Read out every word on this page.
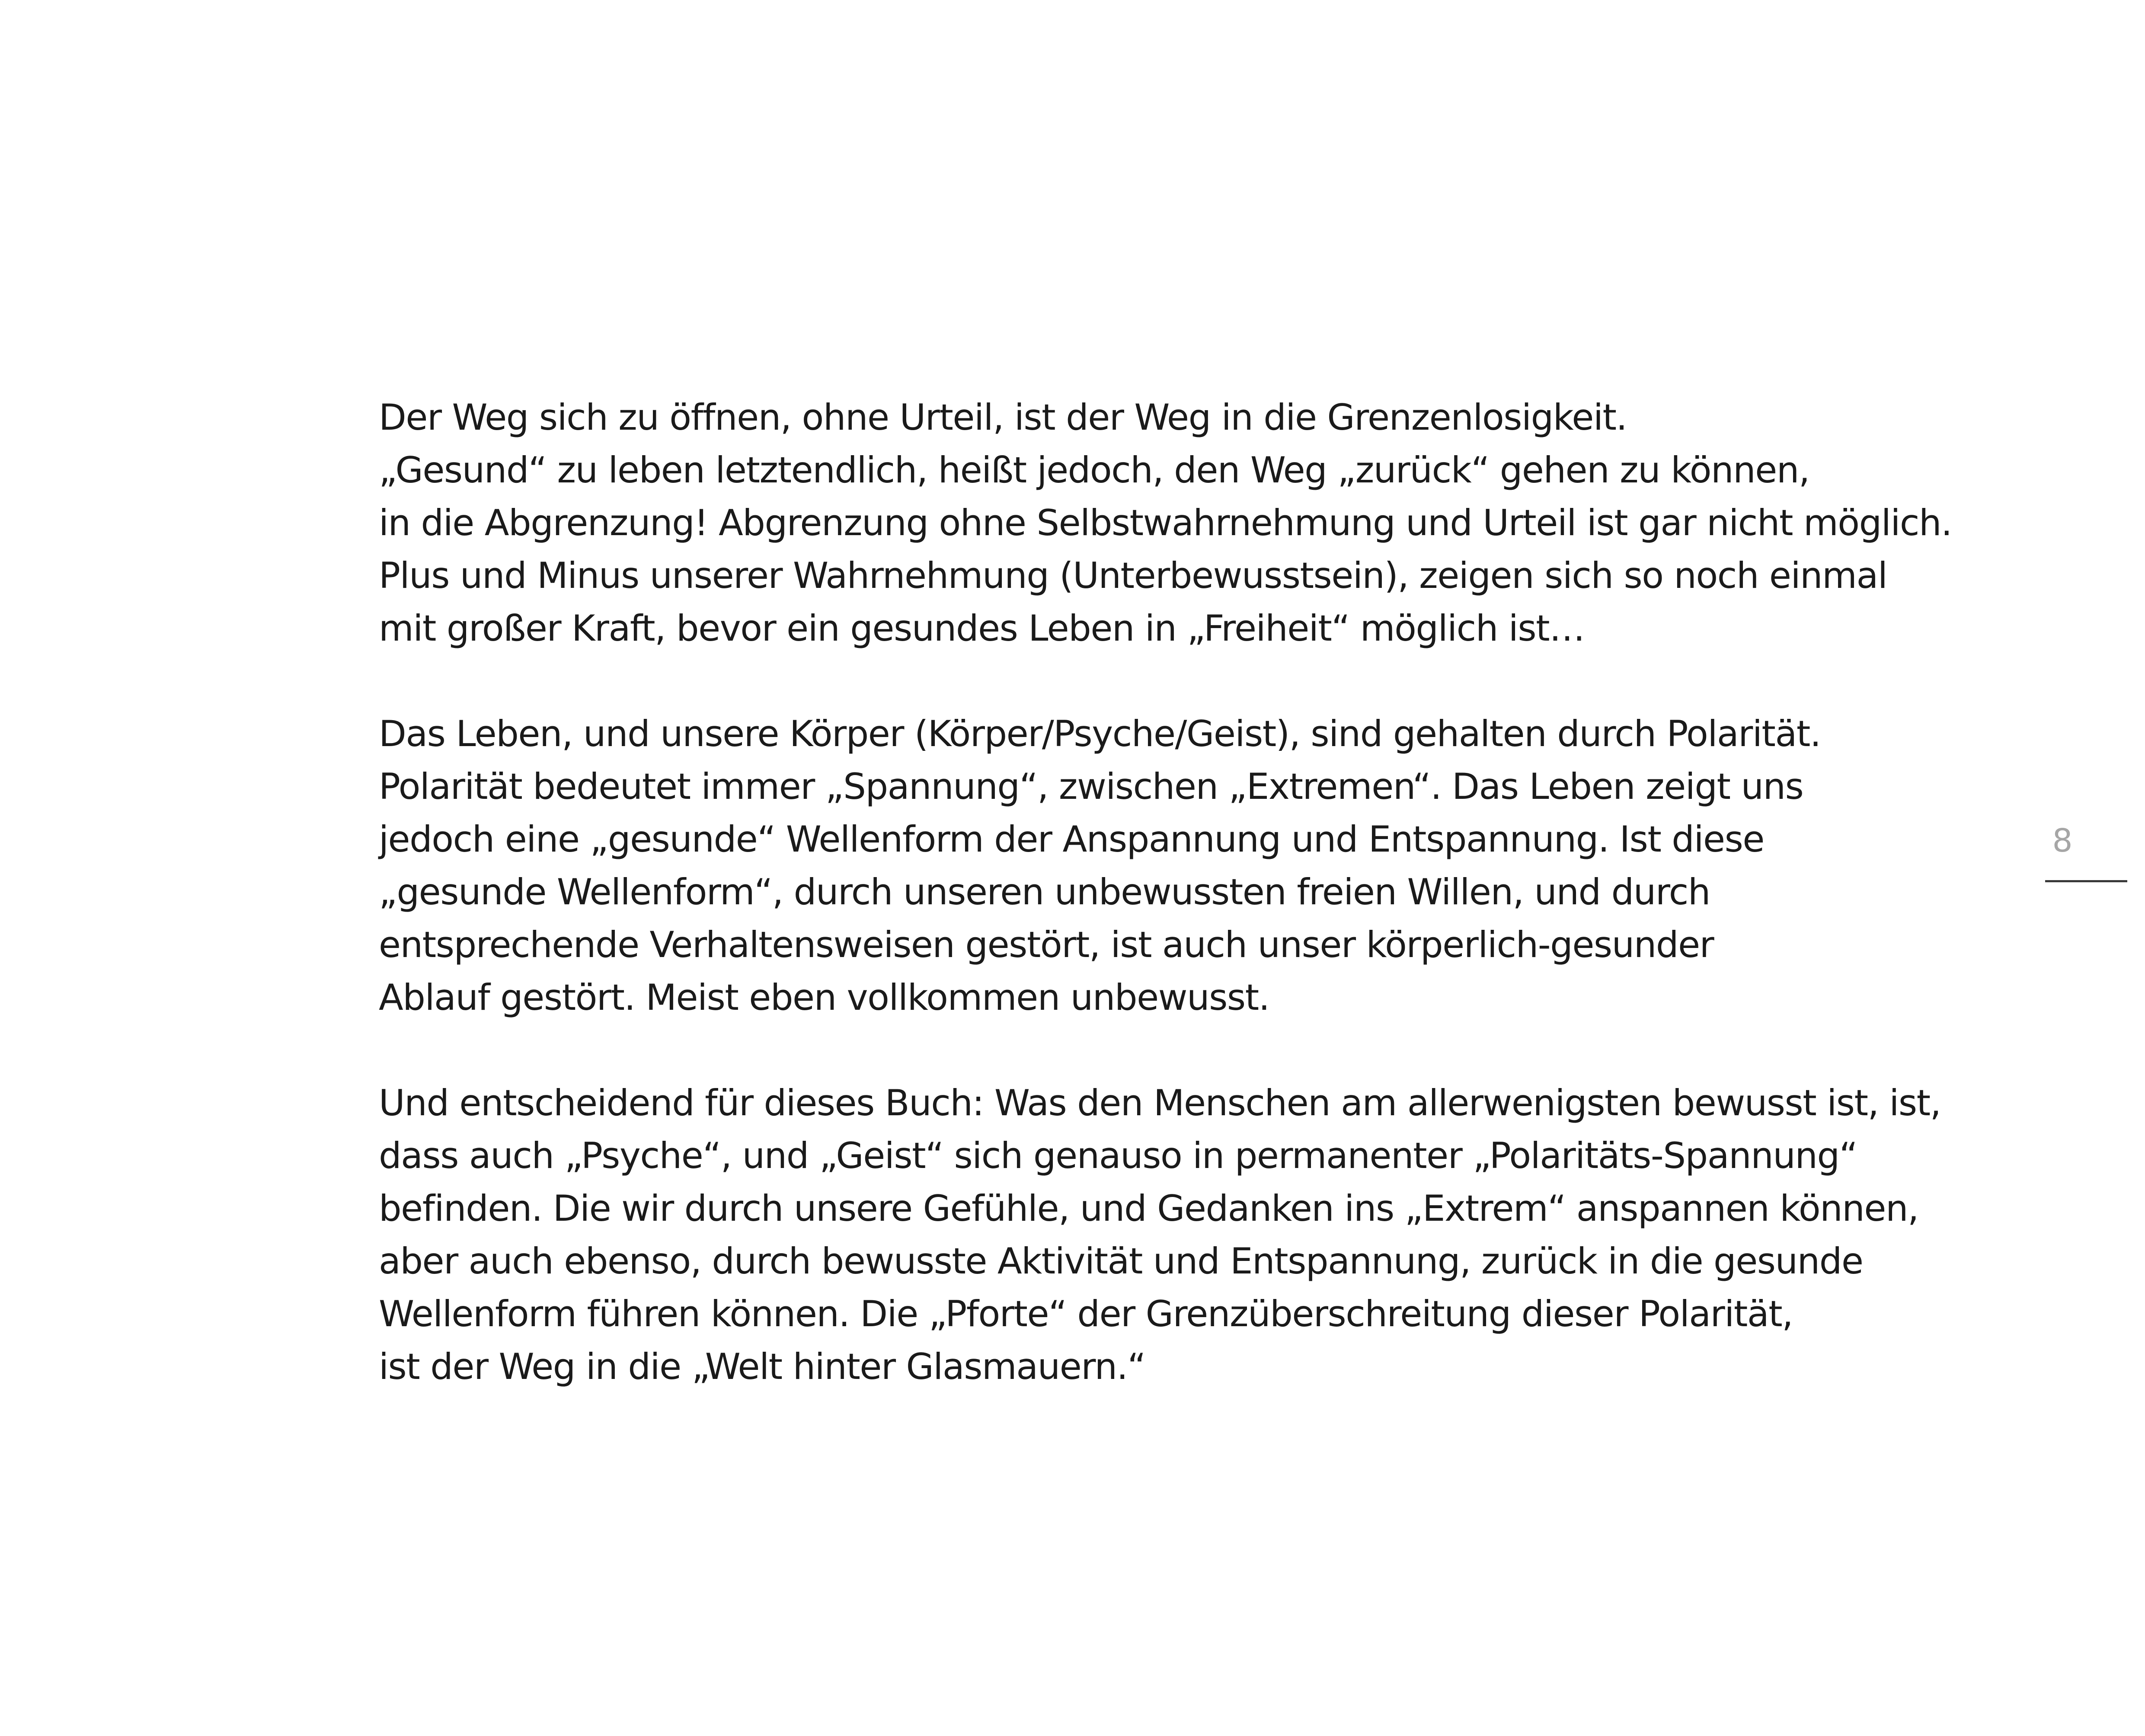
Der Weg sich zu öffnen, ohne Urteil, ist der Weg in die Grenzenlosigkeit.
„Gesund“ zu leben letztendlich, heißt jedoch, den Weg „zurück“ gehen zu können,
in die Abgrenzung! Abgrenzung ohne Selbstwahrnehmung und Urteil ist gar nicht möglich.
Plus und Minus unserer Wahrnehmung (Unterbewusstsein), zeigen sich so noch einmal
mit großer Kraft, bevor ein gesundes Leben in „Freiheit“ möglich ist…

Das Leben, und unsere Körper (Körper/Psyche/Geist), sind gehalten durch Polarität.
Polarität bedeutet immer „Spannung“, zwischen „Extremen“. Das Leben zeigt uns
jedoch eine „gesunde“ Wellenform der Anspannung und Entspannung. Ist diese
„gesunde Wellenform“, durch unseren unbewussten freien Willen, und durch
entsprechende Verhaltensweisen gestört, ist auch unser körperlich-gesunder
Ablauf gestört. Meist eben vollkommen unbewusst.

Und entscheidend für dieses Buch: Was den Menschen am allerwenigsten bewusst ist, ist,
dass auch „Psyche“, und „Geist“ sich genauso in permanenter „Polaritäts-Spannung“
befinden. Die wir durch unsere Gefühle, und Gedanken ins „Extrem“ anspannen können,
aber auch ebenso, durch bewusste Aktivität und Entspannung, zurück in die gesunde
Wellenform führen können. Die „Pforte“ der Grenzüberschreitung dieser Polarität,
ist der Weg in die „Welt hinter Glasmauern.“

8
